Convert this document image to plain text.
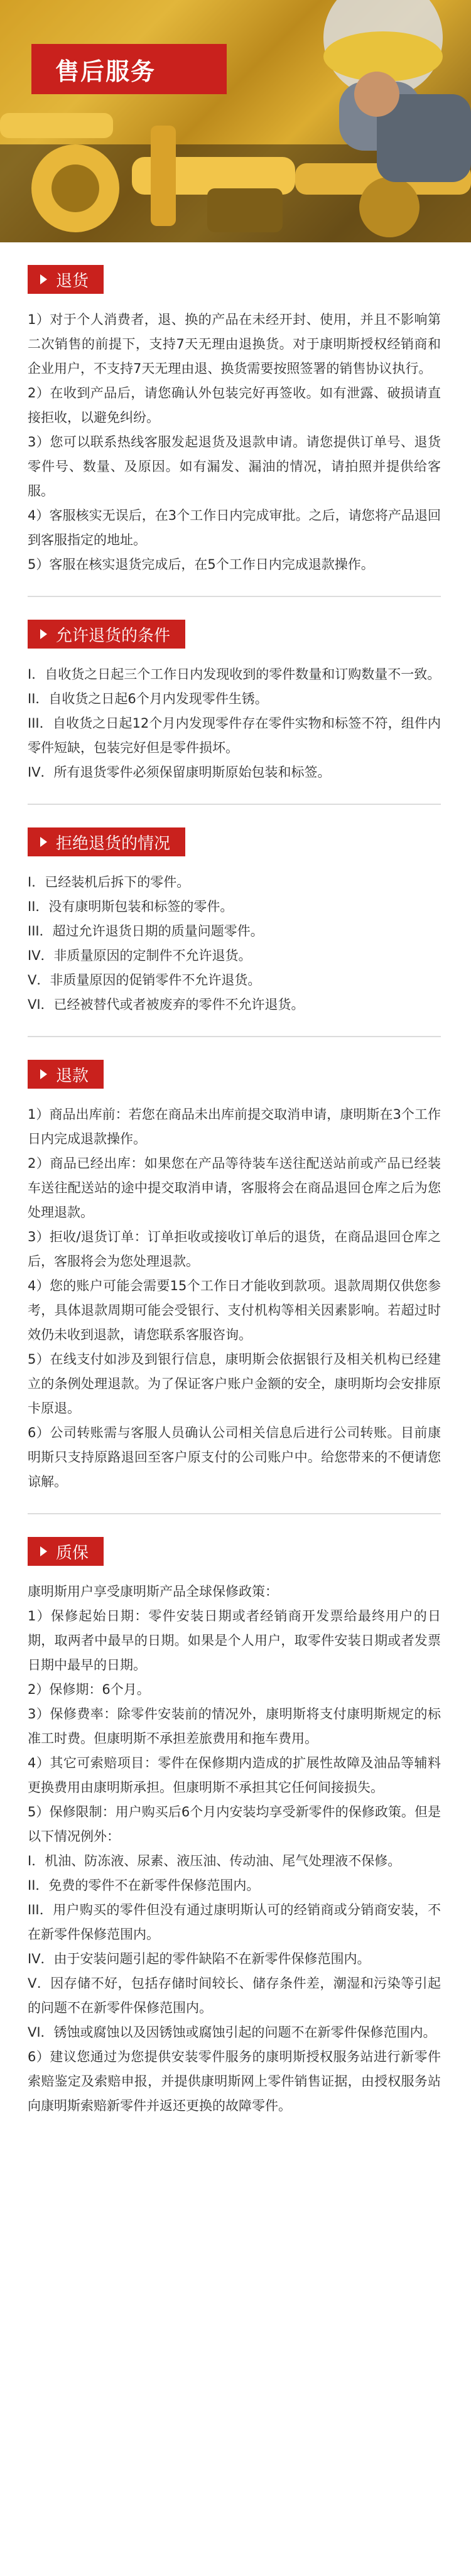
售后服务
退货

1）对于个人消费者，退、换的产品在未经开封、使用，并且不影响第二次销售的前提下，支持7天无理由退换货。对于康明斯授权经销商和企业用户，不支持7天无理由退、换货需要按照签署的销售协议执行。

2）在收到产品后，请您确认外包装完好再签收。如有泄露、破损请直接拒收，以避免纠纷。

3）您可以联系热线客服发起退货及退款申请。请您提供订单号、退货零件号、数量、及原因。如有漏发、漏油的情况，请拍照并提供给客服。

4）客服核实无误后，在3个工作日内完成审批。之后，请您将产品退回到客服指定的地址。

5）客服在核实退货完成后，在5个工作日内完成退款操作。

允许退货的条件

I．自收货之日起三个工作日内发现收到的零件数量和订购数量不一致。

II．自收货之日起6个月内发现零件生锈。

III．自收货之日起12个月内发现零件存在零件实物和标签不符，组件内零件短缺，包装完好但是零件损坏。

IV．所有退货零件必须保留康明斯原始包装和标签。

拒绝退货的情况

I．已经装机后拆下的零件。

II．没有康明斯包装和标签的零件。

III．超过允许退货日期的质量问题零件。

IV．非质量原因的定制件不允许退货。

V．非质量原因的促销零件不允许退货。

VI．已经被替代或者被废弃的零件不允许退货。

退款

1）商品出库前：若您在商品未出库前提交取消申请，康明斯在3个工作日内完成退款操作。

2）商品已经出库：如果您在产品等待装车送往配送站前或产品已经装车送往配送站的途中提交取消申请，客服将会在商品退回仓库之后为您处理退款。

3）拒收/退货订单：订单拒收或接收订单后的退货，在商品退回仓库之后，客服将会为您处理退款。

4）您的账户可能会需要15个工作日才能收到款项。退款周期仅供您参考，具体退款周期可能会受银行、支付机构等相关因素影响。若超过时效仍未收到退款，请您联系客服咨询。

5）在线支付如涉及到银行信息，康明斯会依据银行及相关机构已经建立的条例处理退款。为了保证客户账户金额的安全，康明斯均会安排原卡原退。

6）公司转账需与客服人员确认公司相关信息后进行公司转账。目前康明斯只支持原路退回至客户原支付的公司账户中。给您带来的不便请您谅解。

质保

康明斯用户享受康明斯产品全球保修政策：

1）保修起始日期：零件安装日期或者经销商开发票给最终用户的日期，取两者中最早的日期。如果是个人用户，取零件安装日期或者发票日期中最早的日期。

2）保修期：6个月。

3）保修费率：除零件安装前的情况外，康明斯将支付康明斯规定的标准工时费。但康明斯不承担差旅费用和拖车费用。

4）其它可索赔项目：零件在保修期内造成的扩展性故障及油品等辅料更换费用由康明斯承担。但康明斯不承担其它任何间接损失。

5）保修限制：用户购买后6个月内安装均享受新零件的保修政策。但是以下情况例外：

I．机油、防冻液、尿素、液压油、传动油、尾气处理液不保修。

II．免费的零件不在新零件保修范围内。

III．用户购买的零件但没有通过康明斯认可的经销商或分销商安装，不在新零件保修范围内。

IV．由于安装问题引起的零件缺陷不在新零件保修范围内。

V．因存储不好，包括存储时间较长、储存条件差，潮湿和污染等引起的问题不在新零件保修范围内。

VI．锈蚀或腐蚀以及因锈蚀或腐蚀引起的问题不在新零件保修范围内。

6）建议您通过为您提供安装零件服务的康明斯授权服务站进行新零件索赔鉴定及索赔申报，并提供康明斯网上零件销售证据，由授权服务站向康明斯索赔新零件并返还更换的故障零件。
